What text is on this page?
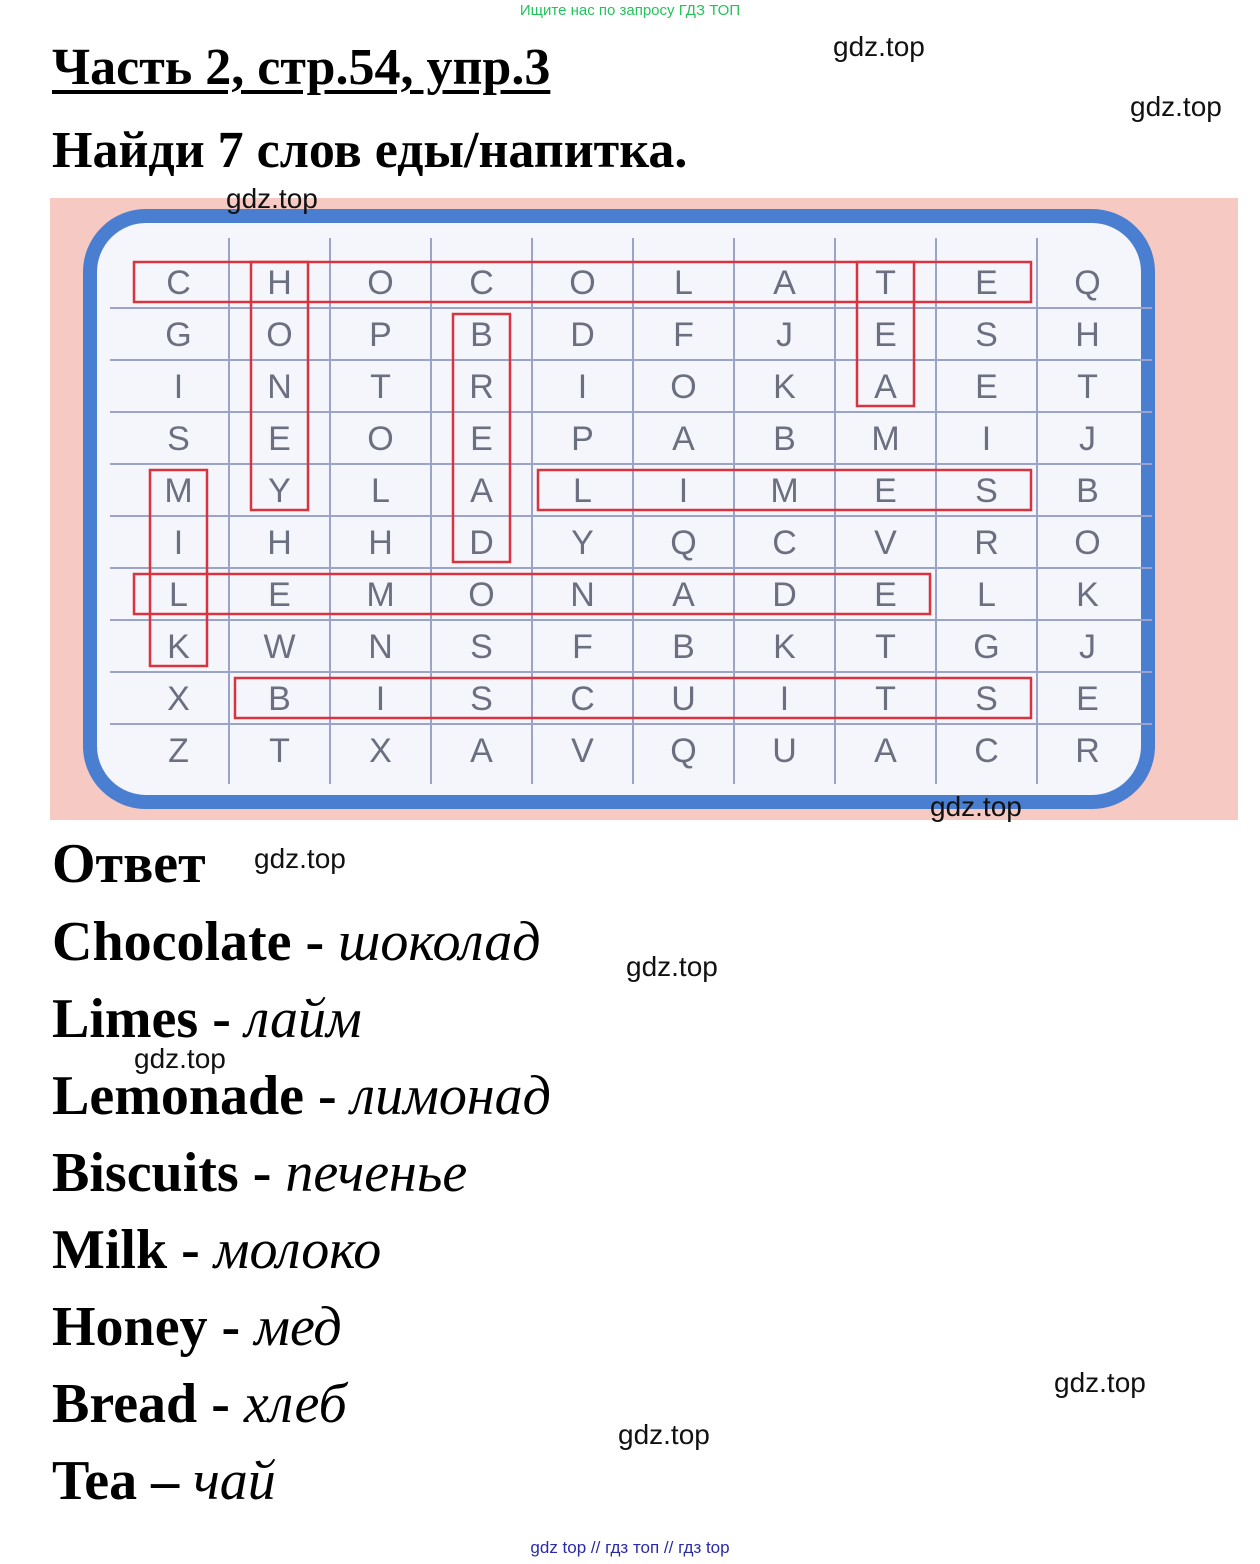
Ищите нас по запросу ГДЗ ТОП
Часть 2, стр.54, упр.3
Найди 7 слов еды/напитка.
gdz.top
gdz.top
C H O C O L A T E Q
G O P B D F J E S H
I N T R I O K A E T
S E O E P A B M I	J
M Y L A L	I M E S B
I H H D Y Q C V R O
L E M O N A D E L K
K W N S F B K T G J
X B I S C U I	T S E
Z T X A V Q U A C R
gdz.top
gdz.top
Ответ gdz.top
Chocolate - шоколад	gdz.top
Limes - лайм
gdz.top
Lemonade - лимонад
Biscuits - печенье
Milk - молоко
Honey - мед
gdz.top
Bread - хлеб	gdz.top
Tea – чай
gdz top // гдз топ // гдз top
